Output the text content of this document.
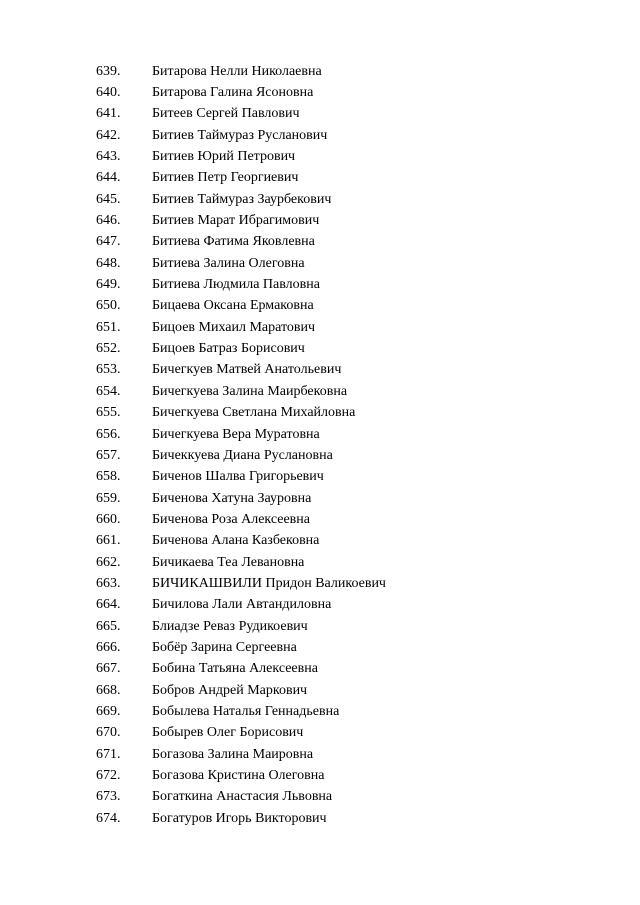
639.	Битарова Нелли Николаевна
640.	Битарова Галина Ясоновна
641.	Битеев Сергей Павлович
642.	Битиев Таймураз Русланович
643.	Битиев Юрий Петрович
644.	Битиев Петр Георгиевич
645.	Битиев Таймураз Заурбекович
646.	Битиев Марат Ибрагимович
647.	Битиева Фатима Яковлевна
648.	Битиева Залина Олеговна
649.	Битиева Людмила Павловна
650.	Бицаева Оксана Ермаковна
651.	Бицоев Михаил Маратович
652.	Бицоев Батраз Борисович
653.	Бичегкуев Матвей Анатольевич
654.	Бичегкуева Залина Маирбековна
655.	Бичегкуева Светлана Михайловна
656.	Бичегкуева Вера Муратовна
657.	Бичеккуева Диана Руслановна
658.	Биченов Шалва Григорьевич
659.	Биченова Хатуна Зауровна
660.	Биченова Роза Алексеевна
661.	Биченова Алана Казбековна
662.	Бичикаева Теа Левановна
663.	БИЧИКАШВИЛИ Придон Валикоевич
664.	Бичилова Лали Автандиловна
665.	Блиадзе Реваз Рудикоевич
666.	Бобёр Зарина Сергеевна
667.	Бобина Татьяна Алексеевна
668.	Бобров Андрей Маркович
669.	Бобылева Наталья Геннадьевна
670.	Бобырев Олег Борисович
671.	Богазова Залина Маировна
672.	Богазова Кристина Олеговна
673.	Богаткина Анастасия Львовна
674.	Богатуров Игорь Викторович
